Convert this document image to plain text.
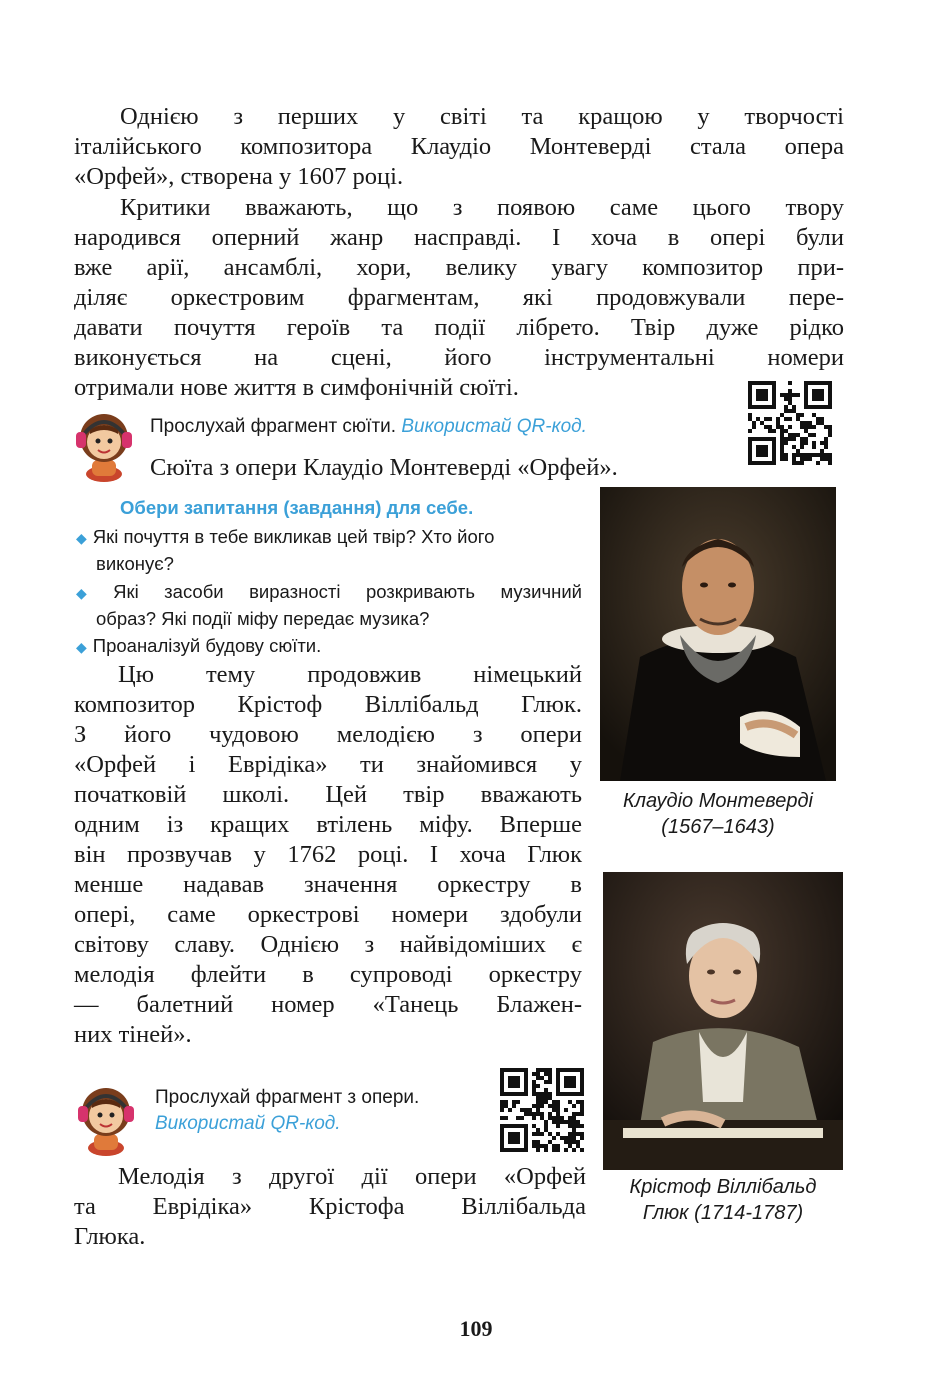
Однією з перших у світі та кращою у творчості
італійського композитора Клаудіо Монтеверді стала опера
«Орфей», створена у 1607 році.
Критики вважають, що з появою саме цього твору
народився оперний жанр насправді. І хоча в опері були
вже арії, ансамблі, хори, велику увагу композитор при-
діляє оркестровим фрагментам, які продовжували пере-
давати почуття героїв та події лібрето. Твір дуже рідко
виконується на сцені, його інструментальні номери
отримали нове життя в симфонічній сюїті.
Прослухай фрагмент сюїти. Використай QR-код.
Сюїта з опери Клаудіо Монтеверді «Орфей».
Обери запитання (завдання) для себе.
◆ Які почуття в тебе викликав цей твір? Хто його
виконує?
◆ Які засоби виразності розкривають музичний
образ? Які події міфу передає музика?
◆ Проаналізуй будову сюїти.
Клаудіо Монтеверді
(1567–1643)
Цю тему продовжив німецький
композитор Крістоф Віллібальд Глюк.
З його чудовою мелодією з опери
«Орфей і Еврідіка» ти знайомився у
початковій школі. Цей твір вважають
одним із кращих втілень міфу. Вперше
він прозвучав у 1762 році. І хоча Глюк
менше надавав значення оркестру в
опері, саме оркестрові номери здобули
світову славу. Однією з найвідоміших є
мелодія флейти в супроводі оркестру
— балетний номер «Танець Блажен-
них тіней».
Крістоф Віллібальд
Глюк (1714-1787)
Прослухай фрагмент з опери.
Використай QR-код.
Мелодія з другої дії опери «Орфей
та Еврідіка» Крістофа Віллібальда
Глюка.
109
